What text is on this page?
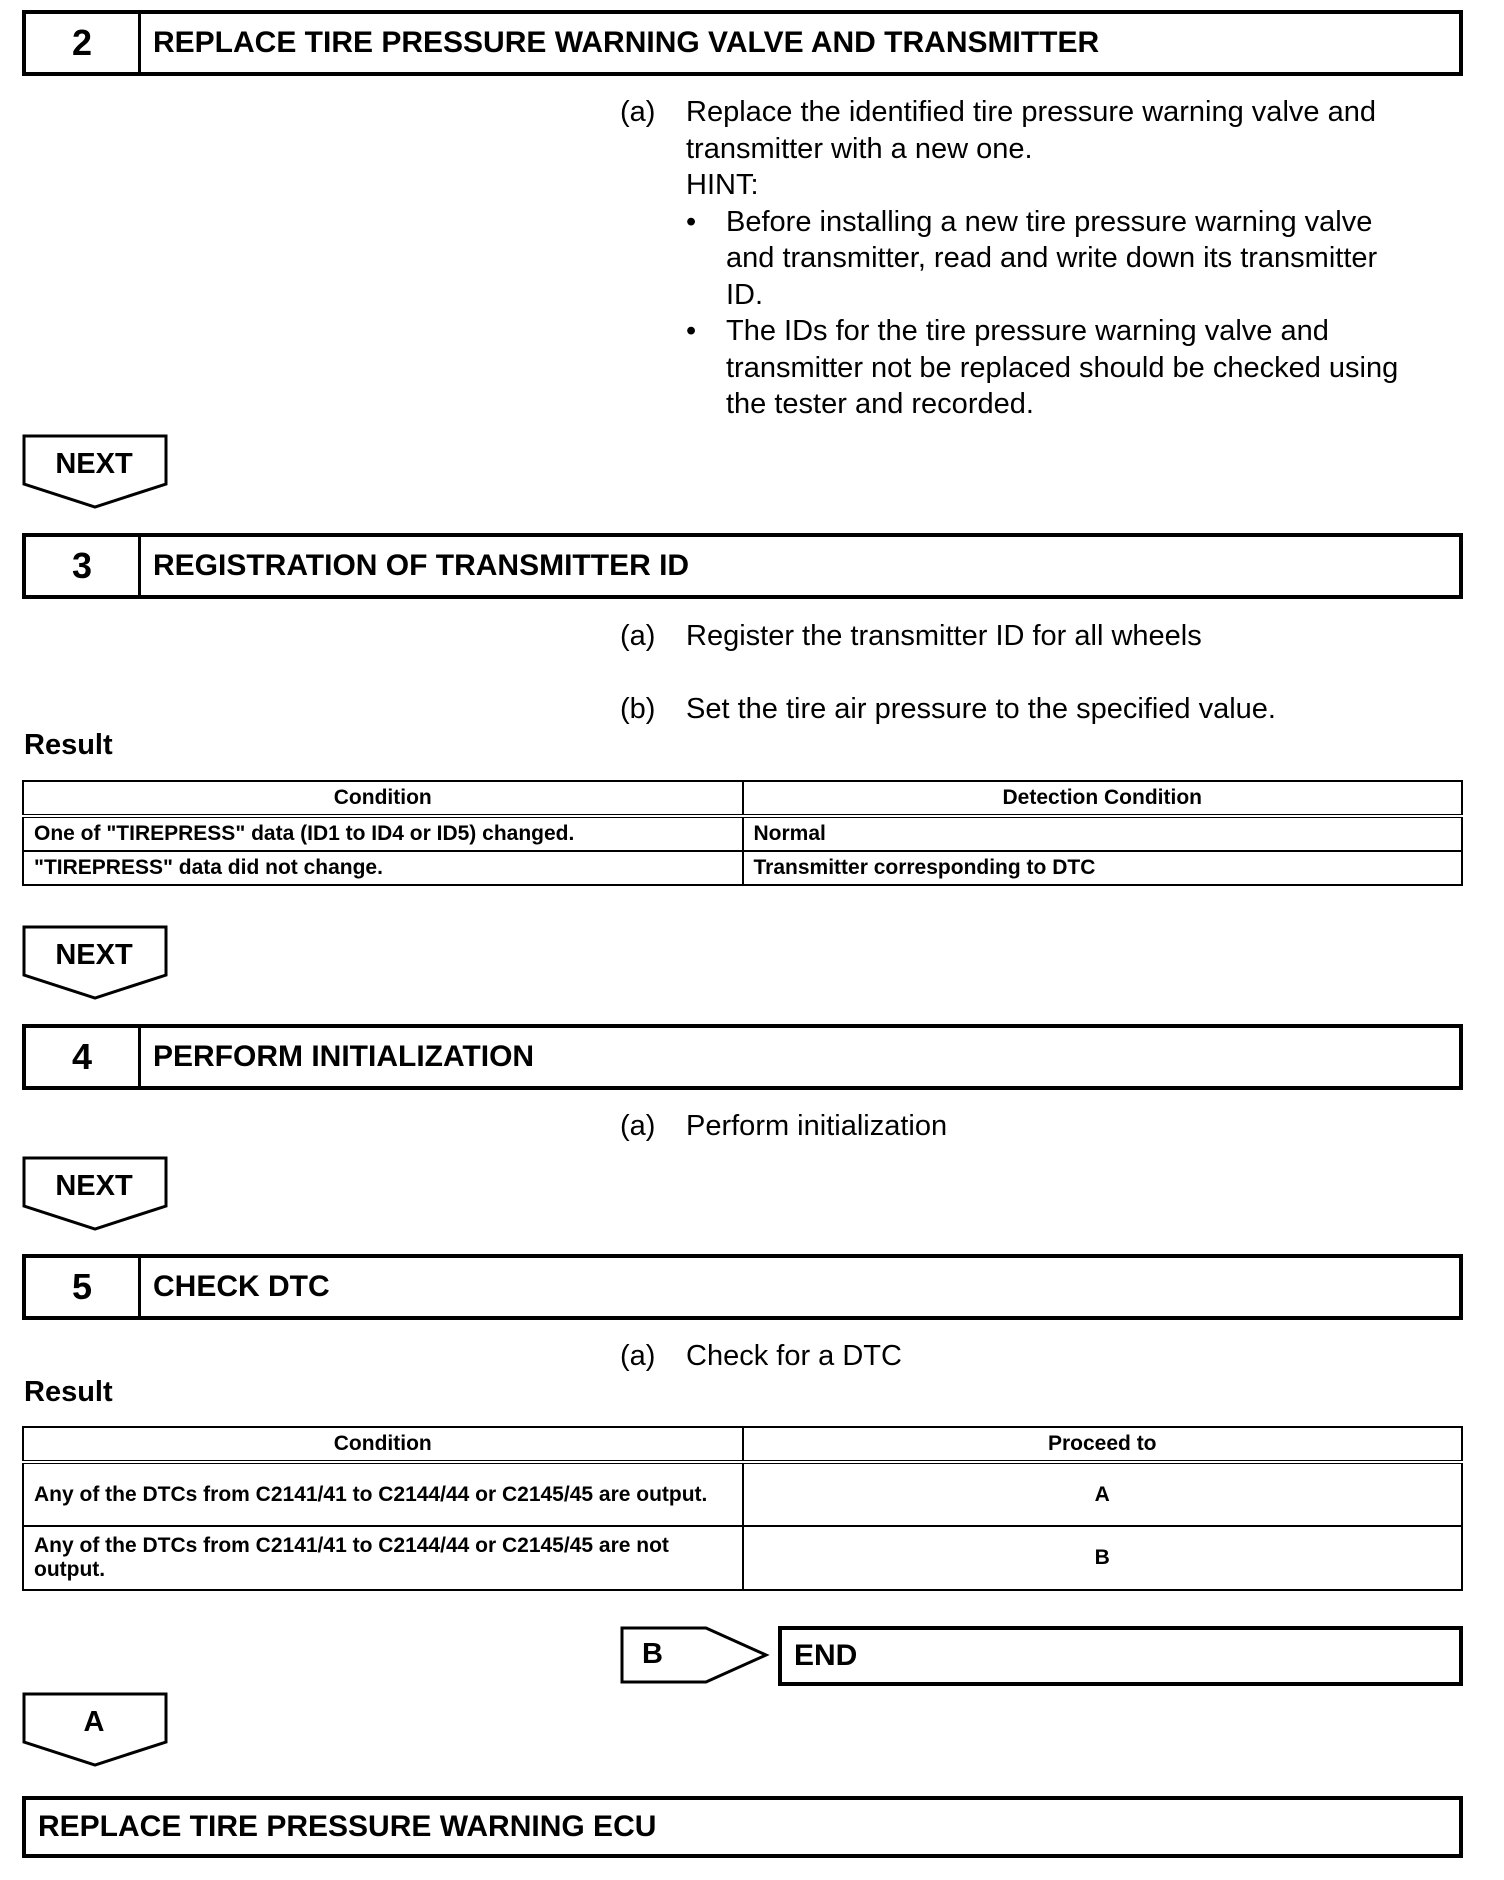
2	REPLACE TIRE PRESSURE WARNING VALVE AND TRANSMITTER
(a)	Replace the identified tire pressure warning valve and
transmitter with a new one.
HINT:
•	Before installing a new tire pressure warning valve
and transmitter, read and write down its transmitter
ID.
•	The IDs for the tire pressure warning valve and
transmitter not be replaced should be checked using
the tester and recorded.
NEXT
3	REGISTRATION OF TRANSMITTER ID
(a)	Register the transmitter ID for all wheels
(b)	Set the tire air pressure to the specified value.
Result
Condition	Detection Condition
One of "TIREPRESS" data (ID1 to ID4 or ID5) changed.	Normal
"TIREPRESS" data did not change.	Transmitter corresponding to DTC
NEXT
4	PERFORM INITIALIZATION
(a)	Perform initialization
NEXT
5	CHECK DTC
(a)	Check for a DTC
Result
Condition	Proceed to
Any of the DTCs from C2141/41 to C2144/44 or C2145/45 are output.	A
Any of the DTCs from C2141/41 to C2144/44 or C2145/45 are not output.	B
B	END
A
REPLACE TIRE PRESSURE WARNING ECU
